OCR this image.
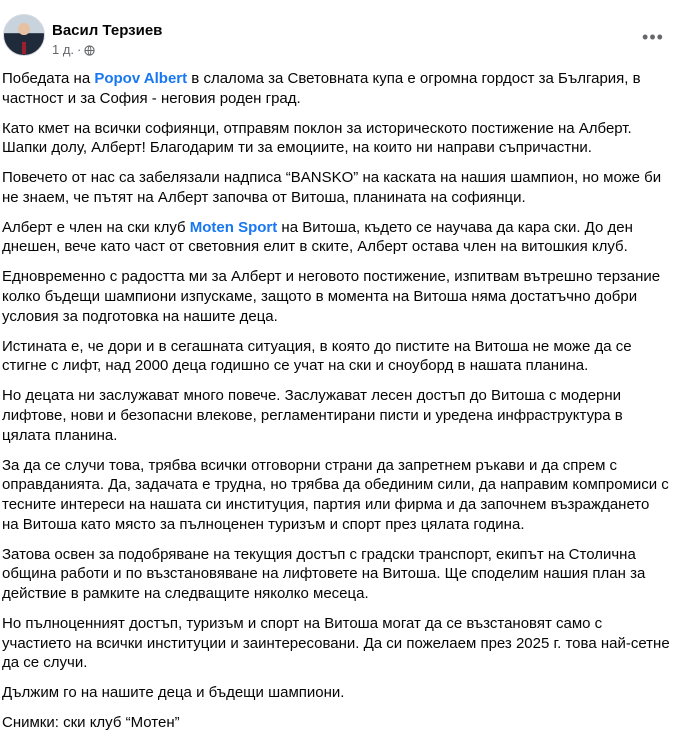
Васил Терзиев
1 д. ·
•••

Победата на Popov Albert в слалома за Световната купа е огромна гордост за България, в частност и за София - неговия роден град.

Като кмет на всички софиянци, отправям поклон за историческото постижение на Алберт. Шапки долу, Алберт! Благодарим ти за емоциите, на които ни направи съпричастни.

Повечето от нас са забелязали надписа “BANSKO” на каската на нашия шампион, но може би не знаем, че пътят на Алберт започва от Витоша, планината на софиянци.

Алберт е член на ски клуб Moten Sport на Витоша, където се научава да кара ски. До ден днешен, вече като част от световния елит в ските, Алберт остава член на витошкия клуб.

Едновременно с радостта ми за Алберт и неговото постижение, изпитвам вътрешно терзание колко бъдещи шампиони изпускаме, защото в момента на Витоша няма достатъчно добри условия за подготовка на нашите деца.

Истината е, че дори и в сегашната ситуация, в която до пистите на Витоша не може да се стигне с лифт, над 2000 деца годишно се учат на ски и сноуборд в нашата планина.

Но децата ни заслужават много повече. Заслужават лесен достъп до Витоша с модерни лифтове, нови и безопасни влекове, регламентирани писти и уредена инфраструктура в цялата планина.

За да се случи това, трябва всички отговорни страни да запретнем ръкави и да спрем с оправданията. Да, задачата е трудна, но трябва да обединим сили, да направим компромиси с тесните интереси на нашата си институция, партия или фирма и да започнем възраждането на Витоша като място за пълноценен туризъм и спорт през цялата година.

Затова освен за подобряване на текущия достъп с градски транспорт, екипът на Столична община работи и по възстановяване на лифтовете на Витоша. Ще споделим нашия план за действие в рамките на следващите няколко месеца.

Но пълноценният достъп, туризъм и спорт на Витоша могат да се възстановят само с участието на всички институции и заинтересовани. Да си пожелаем през 2025 г. това най-сетне да се случи.

Дължим го на нашите деца и бъдещи шампиони.

Снимки: ски клуб “Мотен”
